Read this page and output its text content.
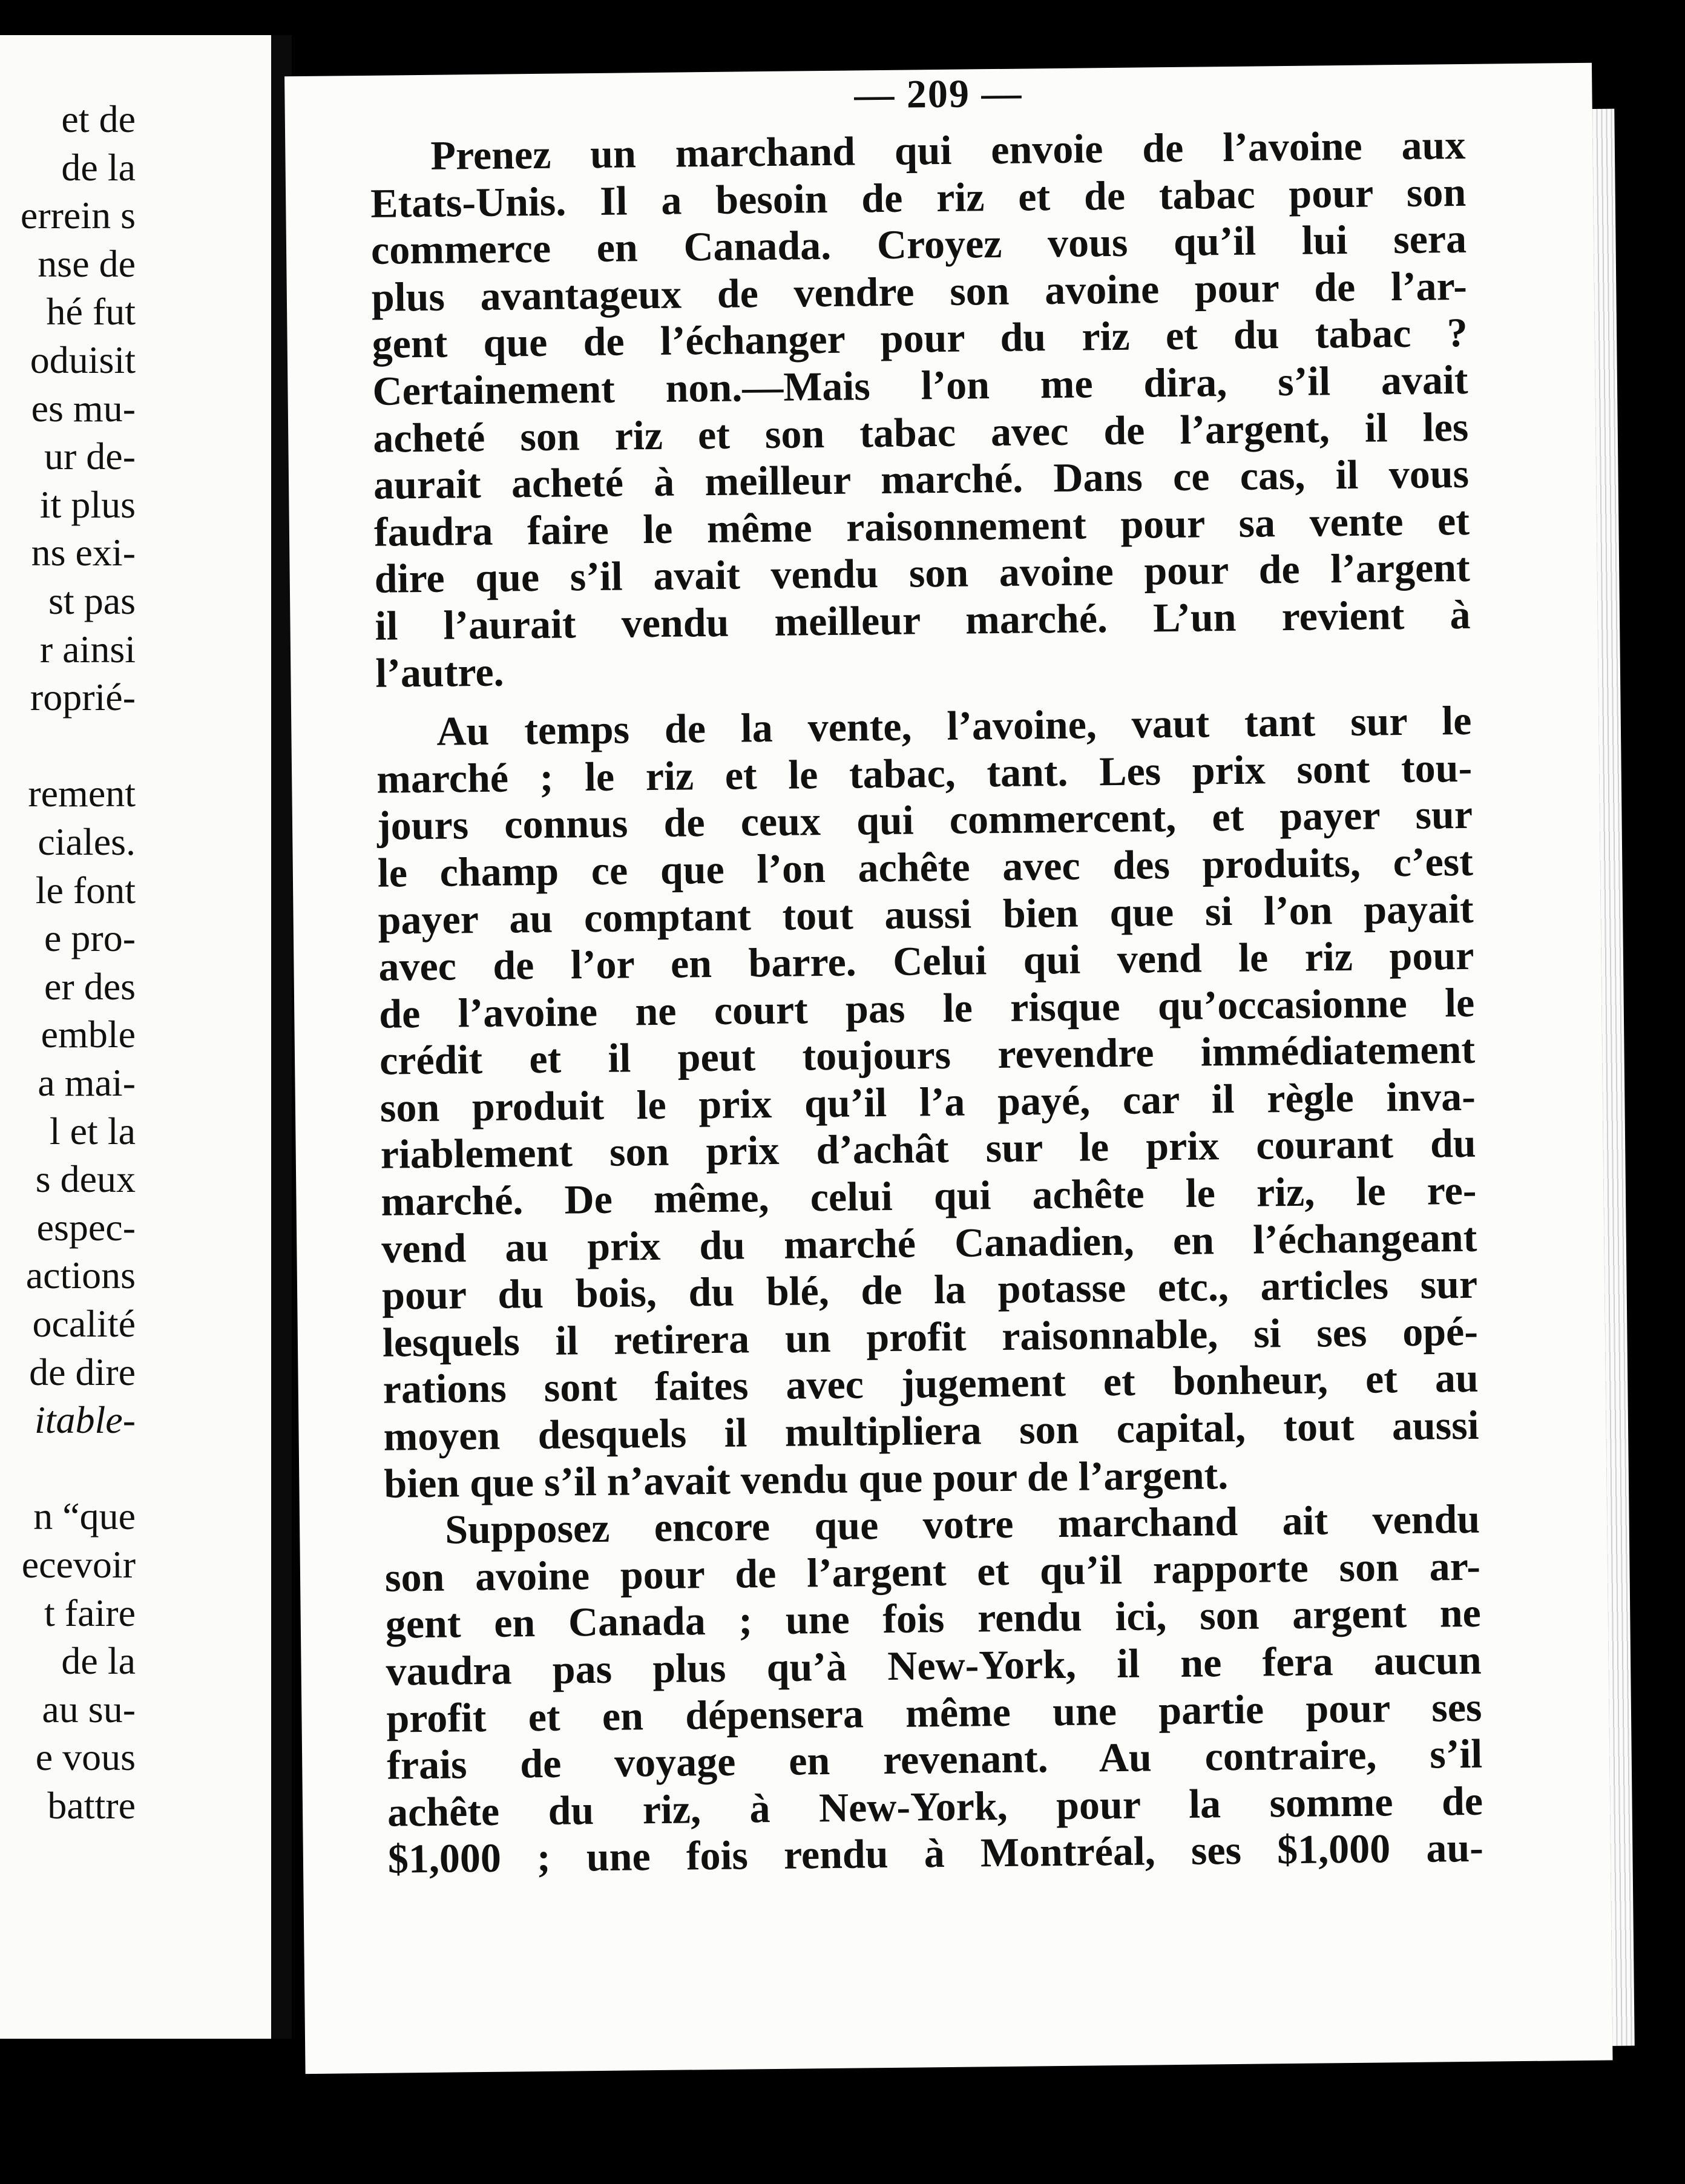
et de
de la
errein s
nse de
hé fut
oduisit
es mu-
ur de-
it plus
ns exi-
st pas
r ainsi
roprié-
rement
ciales.
le font
e pro-
er des
emble
a mai-
l et la
s deux
espec-
actions
ocalité
de dire
itable-
n “que
ecevoir
t faire
de la
au su-
e vous
battre
— 209 —
Prenez un marchand qui envoie de l’avoine aux
Etats-Unis. Il a besoin de riz et de tabac pour son
commerce en Canada. Croyez vous qu’il lui sera
plus avantageux de vendre son avoine pour de l’ar-
gent que de l’échanger pour du riz et du tabac ?
Certainement non.—Mais l’on me dira, s’il avait
acheté son riz et son tabac avec de l’argent, il les
aurait acheté à meilleur marché. Dans ce cas, il vous
faudra faire le même raisonnement pour sa vente et
dire que s’il avait vendu son avoine pour de l’argent
il l’aurait vendu meilleur marché. L’un revient à
l’autre.
Au temps de la vente, l’avoine, vaut tant sur le
marché ; le riz et le tabac, tant. Les prix sont tou-
jours connus de ceux qui commercent, et payer sur
le champ ce que l’on achête avec des produits, c’est
payer au comptant tout aussi bien que si l’on payait
avec de l’or en barre. Celui qui vend le riz pour
de l’avoine ne court pas le risque qu’occasionne le
crédit et il peut toujours revendre immédiatement
son produit le prix qu’il l’a payé, car il règle inva-
riablement son prix d’achât sur le prix courant du
marché. De même, celui qui achête le riz, le re-
vend au prix du marché Canadien, en l’échangeant
pour du bois, du blé, de la potasse etc., articles sur
lesquels il retirera un profit raisonnable, si ses opé-
rations sont faites avec jugement et bonheur, et au
moyen desquels il multipliera son capital, tout aussi
bien que s’il n’avait vendu que pour de l’argent.
Supposez encore que votre marchand ait vendu
son avoine pour de l’argent et qu’il rapporte son ar-
gent en Canada ; une fois rendu ici, son argent ne
vaudra pas plus qu’à New-York, il ne fera aucun
profit et en dépensera même une partie pour ses
frais de voyage en revenant. Au contraire, s’il
achête du riz, à New-York, pour la somme de
$1,000 ; une fois rendu à Montréal, ses $1,000 au-
